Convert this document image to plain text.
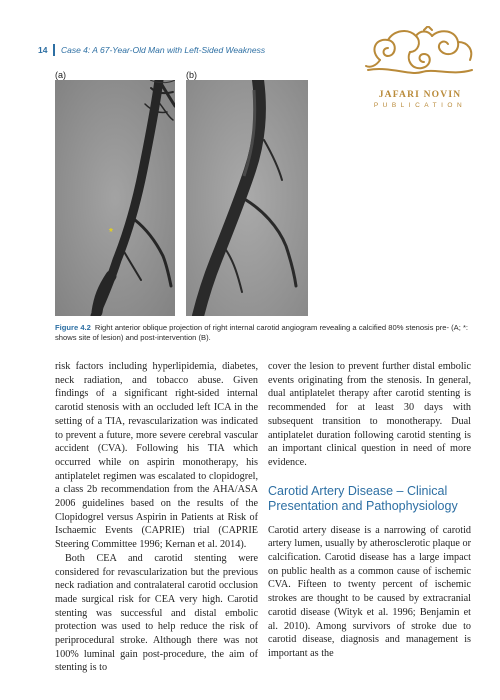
14 Case 4: A 67-Year-Old Man with Left-Sided Weakness
JAFARI NOVIN
PUBLICATION
(a)	(b)
*
Figure 4.2 Right anterior oblique projection of right internal carotid angiogram revealing a calcified 80% stenosis pre- (A; *: shows site of lesion) and post-intervention (B).

risk factors including hyperlipidemia, diabetes, neck radiation, and tobacco abuse. Given findings of a significant right-sided internal carotid stenosis with an occluded left ICA in the setting of a TIA, revascularization was indicated to prevent a future, more severe cerebral vascular accident (CVA). Following his TIA which occurred while on aspirin monotherapy, his antiplatelet regimen was escalated to clopidogrel, a class 2b recommendation from the AHA/ASA 2006 guidelines based on the results of the Clopidogrel versus Aspirin in Patients at Risk of Ischaemic Events (CAPRIE) trial (CAPRIE Steering Committee 1996; Kernan et al. 2014).

Both CEA and carotid stenting were considered for revascularization but the previous neck radiation and contralateral carotid occlusion made surgical risk for CEA very high. Carotid stenting was successful and distal embolic protection was used to help reduce the risk of periprocedural stroke. Although there was not 100% luminal gain post-procedure, the aim of stenting is to

cover the lesion to prevent further distal embolic events originating from the stenosis. In general, dual antiplatelet therapy after carotid stenting is recommended for at least 30 days with subsequent transition to monotherapy. Dual antiplatelet duration following carotid stenting is an important clinical question in need of more evidence.

Carotid Artery Disease – Clinical Presentation and Pathophysiology

Carotid artery disease is a narrowing of carotid artery lumen, usually by atherosclerotic plaque or calcification. Carotid disease has a large impact on public health as a common cause of ischemic CVA. Fifteen to twenty percent of ischemic strokes are thought to be caused by extracranial carotid disease (Wityk et al. 1996; Benjamin et al. 2010). Among survivors of stroke due to carotid disease, diagnosis and management is important as the
